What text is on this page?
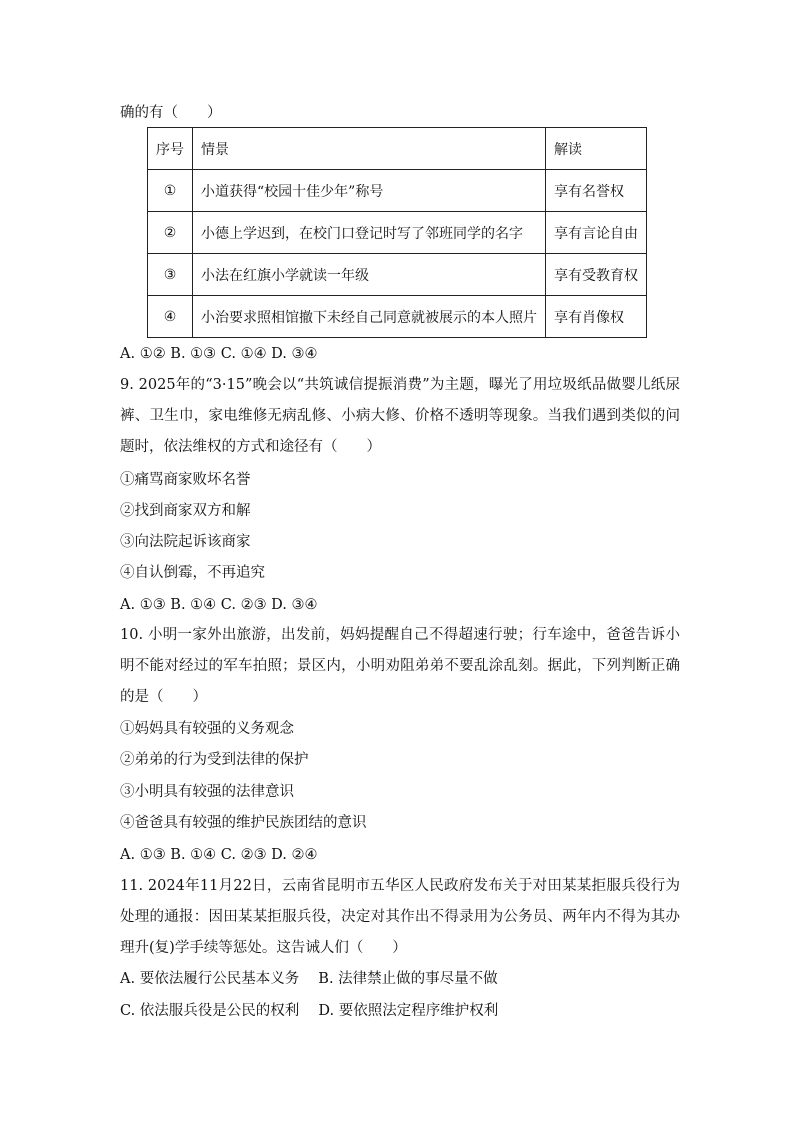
确的有（　　）
序号	情景	解读
①	小道获得“校园十佳少年”称号	享有名誉权
②	小德上学迟到，在校门口登记时写了邻班同学的名字	享有言论自由
③	小法在红旗小学就读一年级	享有受教育权
④	小治要求照相馆撤下未经自己同意就被展示的本人照片	享有肖像权
A. ①② B. ①③ C. ①④ D. ③④
9. 2025年的“3·15”晚会以“共筑诚信提振消费”为主题，曝光了用垃圾纸品做婴儿纸尿裤、卫生巾，家电维修无病乱修、小病大修、价格不透明等现象。当我们遇到类似的问题时，依法维权的方式和途径有（　　）
①痛骂商家败坏名誉
②找到商家双方和解
③向法院起诉该商家
④自认倒霉，不再追究
A. ①③ B. ①④ C. ②③ D. ③④
10. 小明一家外出旅游，出发前，妈妈提醒自己不得超速行驶；行车途中，爸爸告诉小明不能对经过的军车拍照；景区内，小明劝阻弟弟不要乱涂乱刻。据此，下列判断正确的是（　　）
①妈妈具有较强的义务观念
②弟弟的行为受到法律的保护
③小明具有较强的法律意识
④爸爸具有较强的维护民族团结的意识
A. ①③ B. ①④ C. ②③ D. ②④
11. 2024年11月22日，云南省昆明市五华区人民政府发布关于对田某某拒服兵役行为处理的通报：因田某某拒服兵役，决定对其作出不得录用为公务员、两年内不得为其办理升(复)学手续等惩处。这告诫人们（　　）
A. 要依法履行公民基本义务　 B. 法律禁止做的事尽量不做
C. 依法服兵役是公民的权利　 D. 要依照法定程序维护权利
